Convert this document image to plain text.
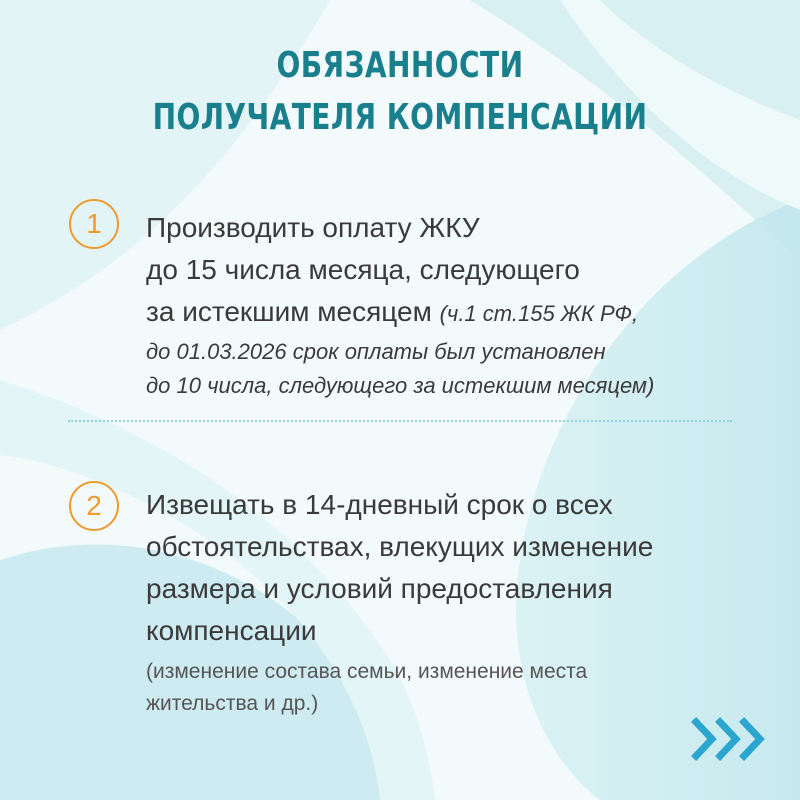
ОБЯЗАННОСТИ
ПОЛУЧАТЕЛЯ КОМПЕНСАЦИИ
1	Производить оплату ЖКУ
до 15 числа месяца, следующего
за истекшим месяцем (ч.1 ст.155 ЖК РФ,
до 01.03.2026 срок оплаты был установлен
до 10 числа, следующего за истекшим месяцем)
2	Извещать в 14-дневный срок о всех
обстоятельствах, влекущих изменение
размера и условий предоставления
компенсации
(изменение состава семьи, изменение места
жительства и др.)
